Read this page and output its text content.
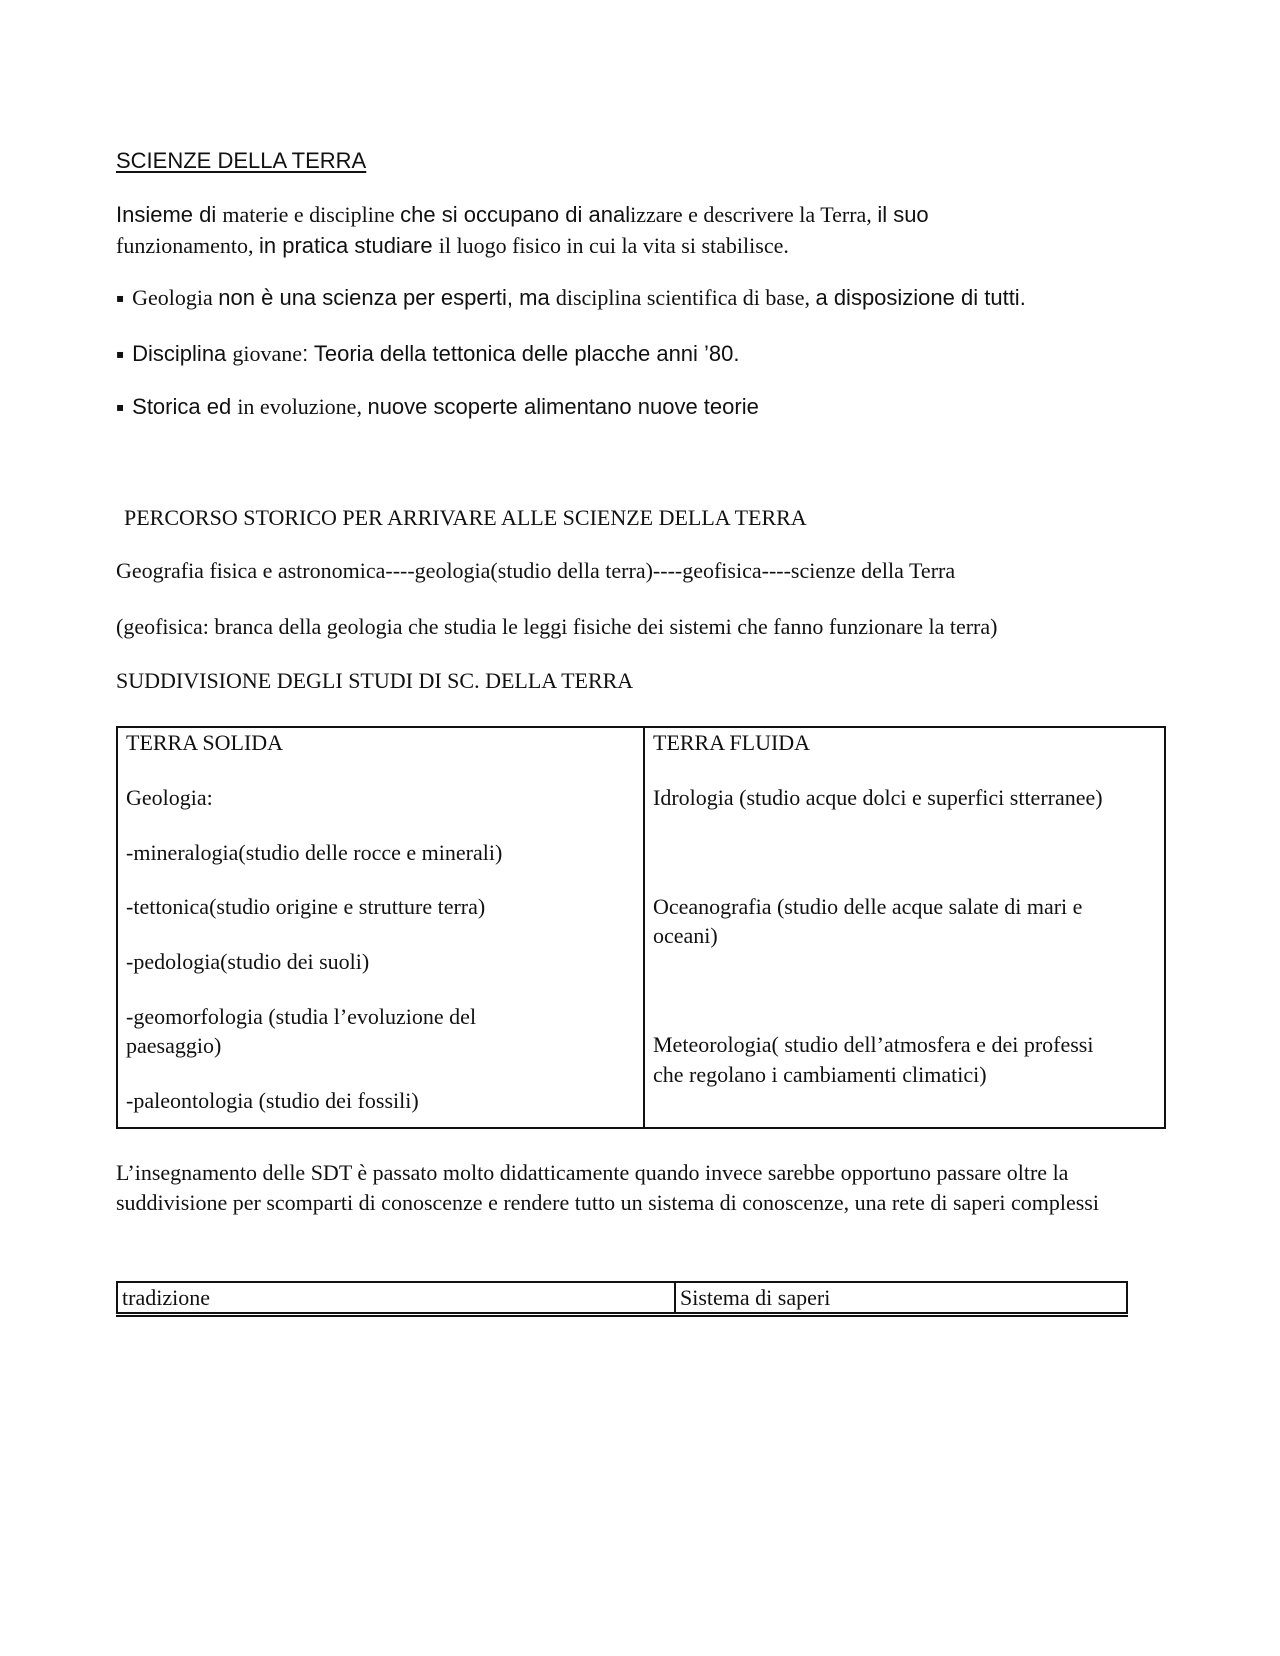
SCIENZE DELLA TERRA
Insieme di materie e discipline che si occupano di analizzare e descrivere la Terra, il suo
funzionamento, in pratica studiare il luogo fisico in cui la vita si stabilisce.
▪ Geologia non è una scienza per esperti, ma disciplina scientifica di base, a disposizione di tutti.
▪ Disciplina giovane: Teoria della tettonica delle placche anni ’80.
▪ Storica ed in evoluzione, nuove scoperte alimentano nuove teorie
PERCORSO STORICO PER ARRIVARE ALLE SCIENZE DELLA TERRA
Geografia fisica e astronomica----geologia(studio della terra)----geofisica----scienze della Terra
(geofisica: branca della geologia che studia le leggi fisiche dei sistemi che fanno funzionare la terra)
SUDDIVISIONE DEGLI STUDI DI SC. DELLA TERRA
TERRA SOLIDA
Geologia:
-mineralogia(studio delle rocce e minerali)
-tettonica(studio origine e strutture terra)
-pedologia(studio dei suoli)
-geomorfologia (studia l’evoluzione del
paesaggio)
-paleontologia (studio dei fossili)

TERRA FLUIDA
Idrologia (studio acque dolci e superfici stterranee)
Oceanografia (studio delle acque salate di mari e
oceani)
Meteorologia( studio dell’atmosfera e dei professi
che regolano i cambiamenti climatici)
L’insegnamento delle SDT è passato molto didatticamente quando invece sarebbe opportuno passare oltre la suddivisione per scomparti di conoscenze e rendere tutto un sistema di conoscenze, una rete di saperi complessi
tradizione	Sistema di saperi
